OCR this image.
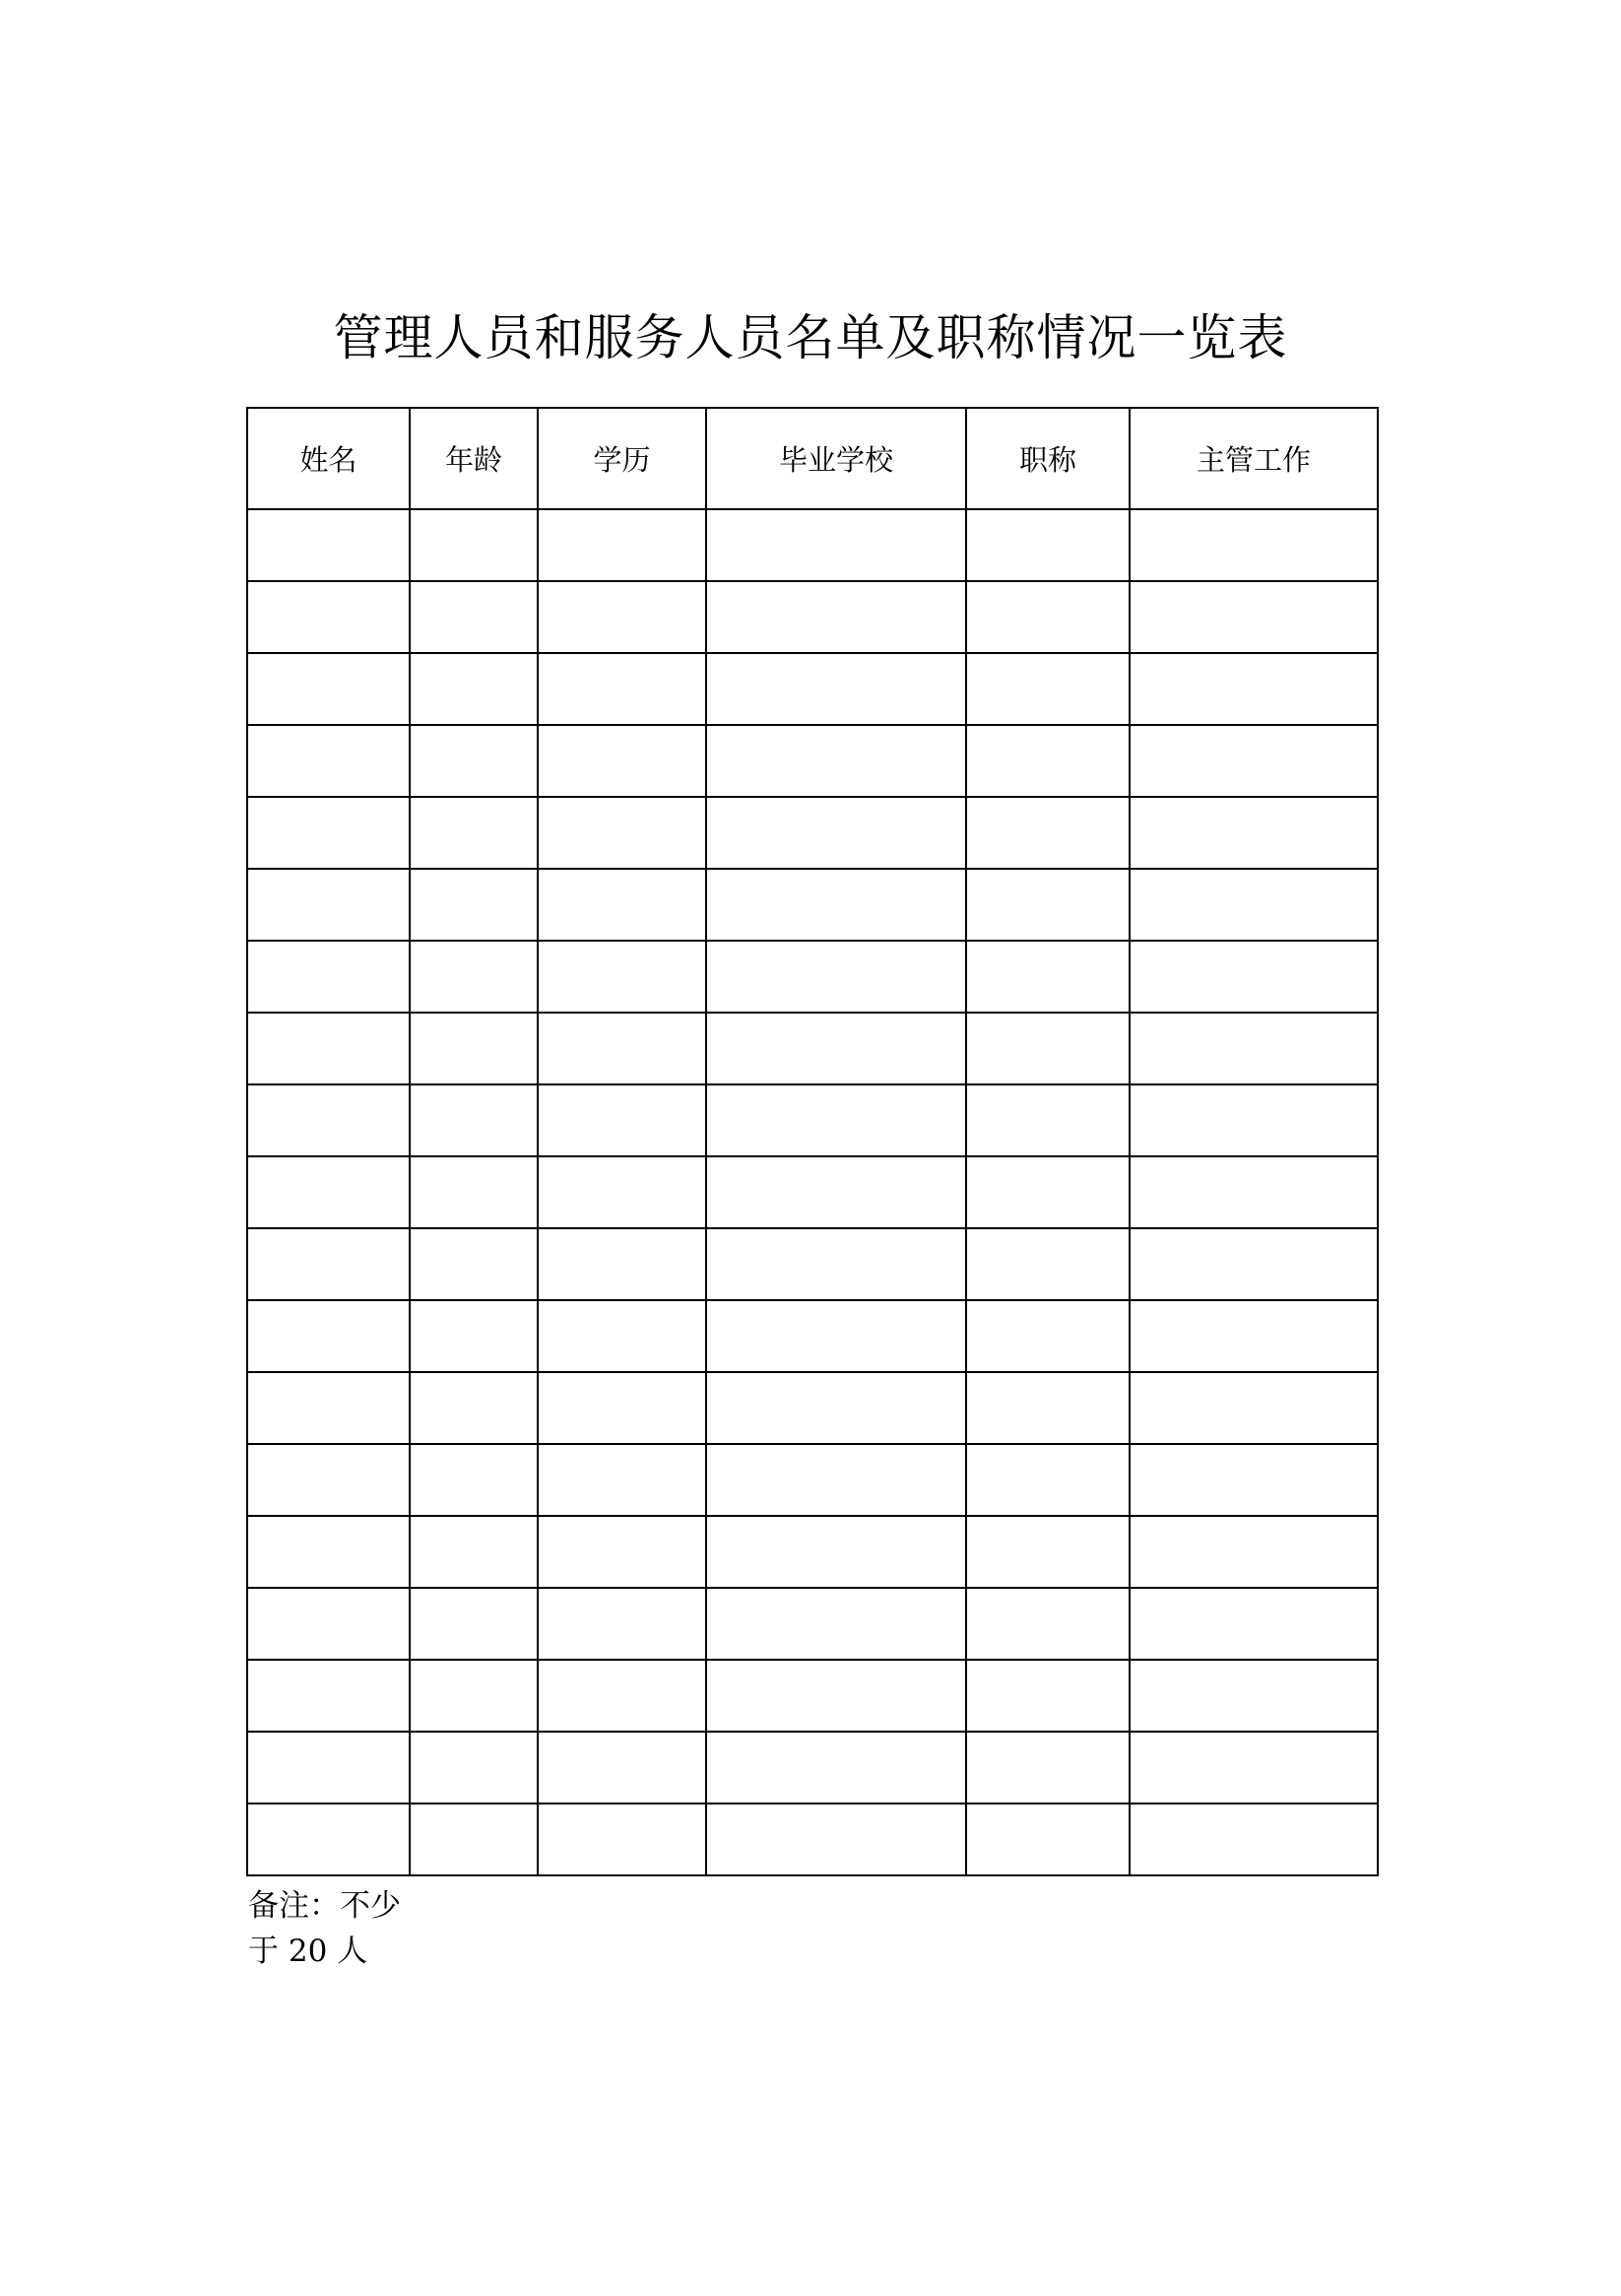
管理人员和服务人员名单及职称情况一览表
姓名	年龄	学历	毕业学校	职称	主管工作

备注：不少
于 20 人
